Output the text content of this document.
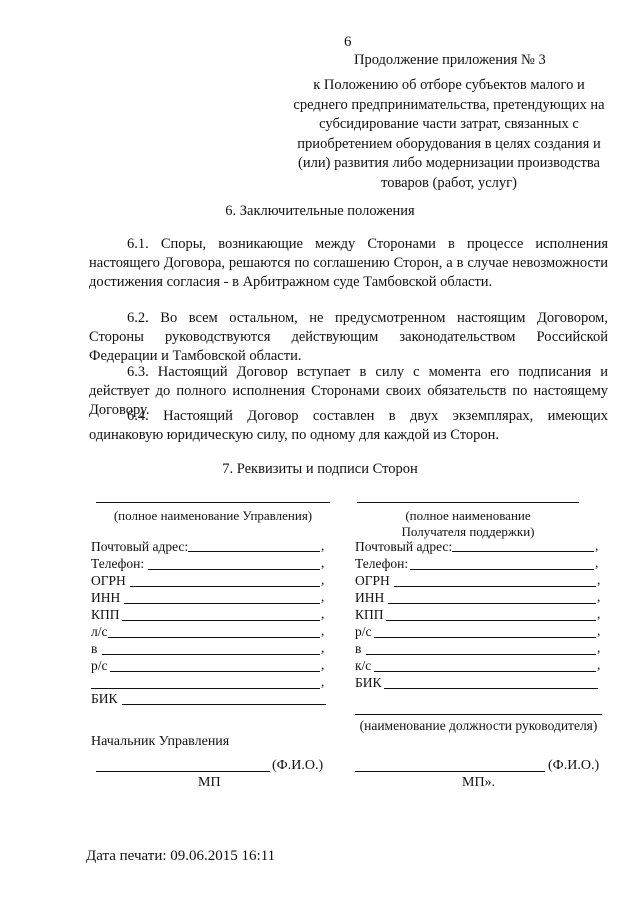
6
Продолжение приложения № 3
к Положению об отборе субъектов малого и
среднего предпринимательства, претендующих на
субсидирование части затрат, связанных с
приобретением оборудования в целях создания и
(или) развития либо модернизации производства
товаров (работ, услуг)
6. Заключительные положения
6.1. Споры, возникающие между Сторонами в процессе исполнения настоящего Договора, решаются по соглашению Сторон, а в случае невозможности достижения согласия - в Арбитражном суде Тамбовской области.
6.2. Во всем остальном, не предусмотренном настоящим Договором, Стороны руководствуются действующим законодательством Российской Федерации и Тамбовской области.
6.3. Настоящий Договор вступает в силу с момента его подписания и действует до полного исполнения Сторонами своих обязательств по настоящему Договору.
6.4. Настоящий Договор составлен в двух экземплярах, имеющих одинаковую юридическую силу, по одному для каждой из Сторон.
7. Реквизиты и подписи Сторон
(полное наименование Управления)
Почтовый адрес:	,
Телефон:	,
ОГРН	,
ИНН	,
КПП	,
л/с	,
в	,
р/с	,
,
БИК
Начальник Управления
(Ф.И.О.)
МП
(полное наименование
Получателя поддержки)
Почтовый адрес:	,
Телефон:	,
ОГРН	,
ИНН	,
КПП	,
р/с	,
в	,
к/с	,
БИК
(наименование должности руководителя)
(Ф.И.О.)
МП».
Дата печати: 09.06.2015 16:11
